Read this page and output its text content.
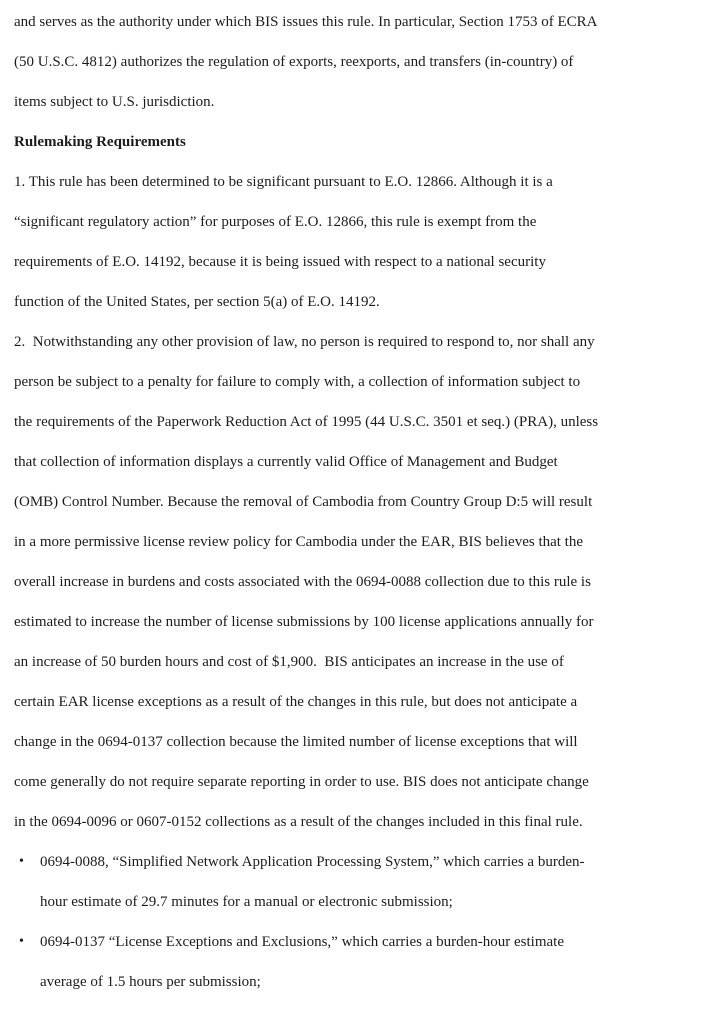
and serves as the authority under which BIS issues this rule. In particular, Section 1753 of ECRA
(50 U.S.C. 4812) authorizes the regulation of exports, reexports, and transfers (in-country) of
items subject to U.S. jurisdiction.
Rulemaking Requirements
1. This rule has been determined to be significant pursuant to E.O. 12866. Although it is a
“significant regulatory action” for purposes of E.O. 12866, this rule is exempt from the
requirements of E.O. 14192, because it is being issued with respect to a national security
function of the United States, per section 5(a) of E.O. 14192.
2.  Notwithstanding any other provision of law, no person is required to respond to, nor shall any
person be subject to a penalty for failure to comply with, a collection of information subject to
the requirements of the Paperwork Reduction Act of 1995 (44 U.S.C. 3501 et seq.) (PRA), unless
that collection of information displays a currently valid Office of Management and Budget
(OMB) Control Number. Because the removal of Cambodia from Country Group D:5 will result
in a more permissive license review policy for Cambodia under the EAR, BIS believes that the
overall increase in burdens and costs associated with the 0694-0088 collection due to this rule is
estimated to increase the number of license submissions by 100 license applications annually for
an increase of 50 burden hours and cost of $1,900.  BIS anticipates an increase in the use of
certain EAR license exceptions as a result of the changes in this rule, but does not anticipate a
change in the 0694-0137 collection because the limited number of license exceptions that will
come generally do not require separate reporting in order to use. BIS does not anticipate change
in the 0694-0096 or 0607-0152 collections as a result of the changes included in this final rule.
• 0694-0088, “Simplified Network Application Processing System,” which carries a burden-
hour estimate of 29.7 minutes for a manual or electronic submission;
• 0694-0137 “License Exceptions and Exclusions,” which carries a burden-hour estimate
average of 1.5 hours per submission;
